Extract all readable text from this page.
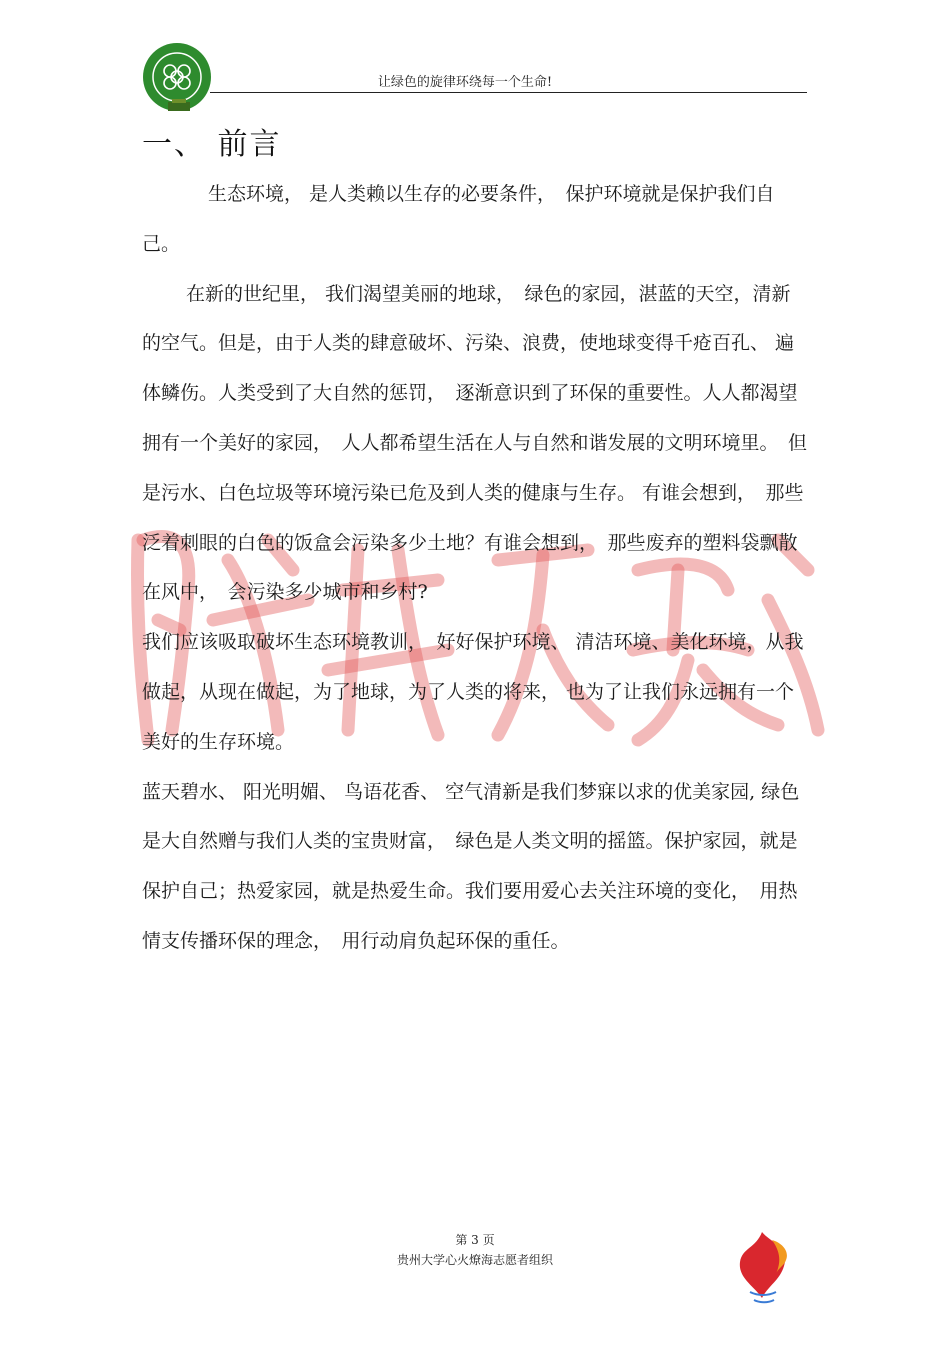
让绿色的旋律环绕每一个生命!
一、 前言

生态环境， 是人类赖以生存的必要条件，　保护环境就是保护我们自己。

在新的世纪里， 我们渴望美丽的地球，　绿色的家园，湛蓝的天空，清新的空气。但是，由于人类的肆意破坏、污染、浪费，使地球变得千疮百孔、 遍体鳞伤。人类受到了大自然的惩罚，　逐渐意识到了环保的重要性。人人都渴望拥有一个美好的家园，　人人都希望生活在人与自然和谐发展的文明环境里。　但是污水、白色垃圾等环境污染已危及到人类的健康与生存。 有谁会想到，　那些泛着刺眼的白色的饭盒会污染多少土地？有谁会想到，　那些废弃的塑料袋飘散在风中，　会污染多少城市和乡村?

我们应该吸取破坏生态环境教训，　好好保护环境、 清洁环境、美化环境，从我做起，从现在做起，为了地球，为了人类的将来， 也为了让我们永远拥有一个美好的生存环境。

蓝天碧水、 阳光明媚、 鸟语花香、 空气清新是我们梦寐以求的优美家园, 绿色是大自然赠与我们人类的宝贵财富，　绿色是人类文明的摇篮。保护家园，就是保护自己；热爱家园，就是热爱生命。我们要用爱心去关注环境的变化，　用热情支传播环保的理念，　用行动肩负起环保的重任。

第 3 页
贵州大学心火燎海志愿者组织
